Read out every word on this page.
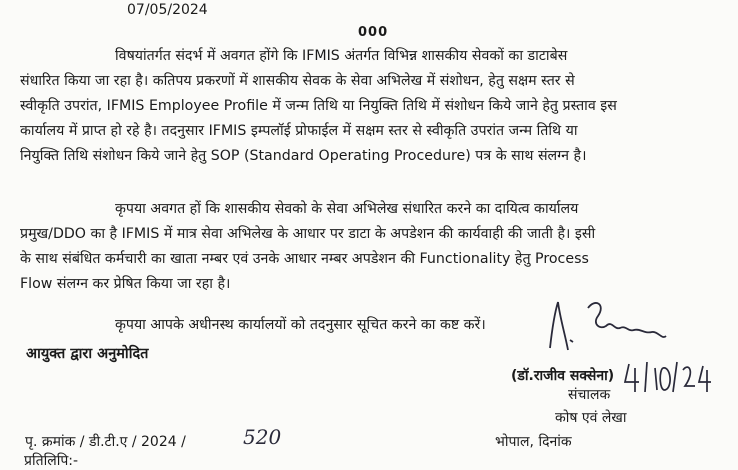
07/05/2024
000
विषयांतर्गत संदर्भ में अवगत होंगे कि IFMIS अंतर्गत विभिन्न शासकीय सेवकों का डाटाबेस
संधारित किया जा रहा है। कतिपय प्रकरणों में शासकीय सेवक के सेवा अभिलेख में संशोधन, हेतु सक्षम स्तर से
स्वीकृति उपरांत, IFMIS Employee Profile में जन्म तिथि या नियुक्ति तिथि में संशोधन किये जाने हेतु प्रस्ताव इस
कार्यालय में प्राप्त हो रहे है। तदनुसार IFMIS इम्पलॉई प्रोफाईल में सक्षम स्तर से स्वीकृति उपरांत जन्म तिथि या
नियुक्ति तिथि संशोधन किये जाने हेतु SOP (Standard Operating Procedure) पत्र के साथ संलग्न है।
कृपया अवगत हों कि शासकीय सेवको के सेवा अभिलेख संधारित करने का दायित्व कार्यालय
प्रमुख/DDO का है IFMIS में मात्र सेवा अभिलेख के आधार पर डाटा के अपडेशन की कार्यवाही की जाती है। इसी
के साथ संबंधित कर्मचारी का खाता नम्बर एवं उनके आधार नम्बर अपडेशन की Functionality हेतु Process
Flow संलग्न कर प्रेषित किया जा रहा है।
कृपया आपके अधीनस्थ कार्यालयों को तदनुसार सूचित करने का कष्ट करें।
आयुक्त द्वारा अनुमोदित
(डॉ.राजीव सक्सेना)
संचालक
कोष एवं लेखा
भोपाल, दिनांक
पृ. क्रमांक / डी.टी.ए / 2024 /	520
प्रतिलिपि:-
